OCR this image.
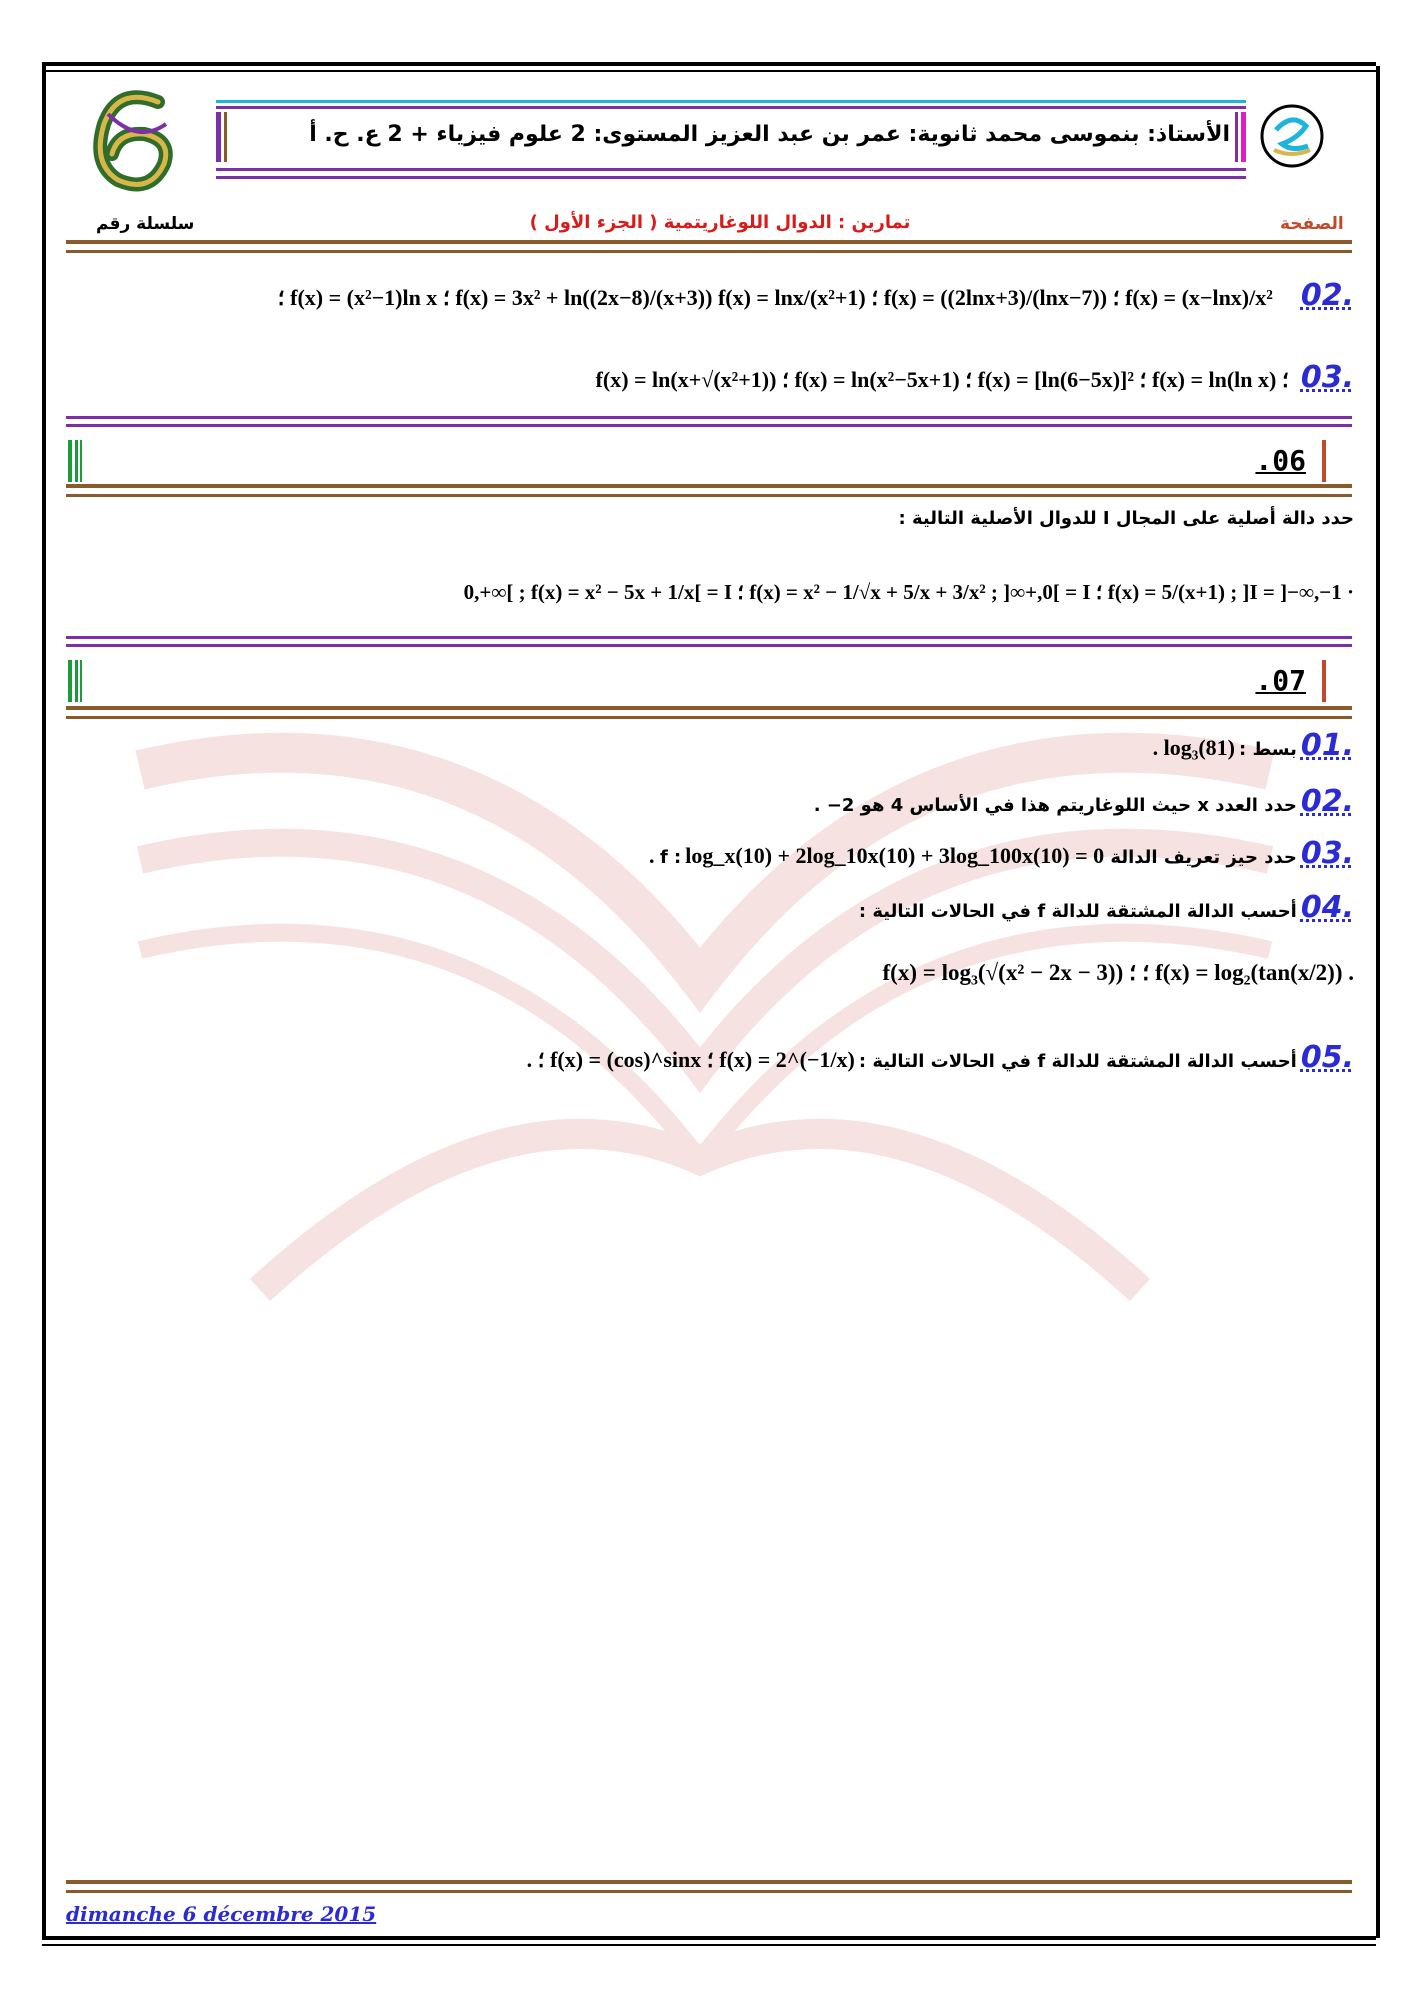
الأستاذ: بنموسى محمد ثانوية: عمر بن عبد العزيز المستوى: 2 علوم فيزياء + 2 ع. ح. أ
سلسلة رقم	تمارين : الدوال اللوغاريتمية ( الجزء الأول )	الصفحة
.02 f(x) = (x−lnx)/x² ؛ f(x) = ((2lnx+3)/(lnx−7)) ؛ f(x) = 3x² + ln((2x−8)/(x+3)) f(x) = lnx/(x²+1) ؛ f(x) = (x²−1)ln x ؛
.03 ؛ f(x) = ln(ln x) ؛ f(x) = [ln(6−5x)]² ؛ f(x) = ln(x²−5x+1) ؛ f(x) = ln(x+√(x²+1))
.06
حدد دالة أصلية على المجال I للدوال الأصلية التالية :
· I = ]−∞,−1[ ; f(x) = 5/(x+1) ؛ I = ]0,+∞[ ; f(x) = x² − 1/√x + 5/x + 3/x² ؛ I = ]0,+∞[ ; f(x) = x² − 5x + 1/x
.07
.01 بسط : log₃(81) .
.02 حدد العدد x حيث اللوغاريتم هذا في الأساس 4 هو 2− .
.03 حدد حيز تعريف الدالة f : log_x(10) + 2log_10x(10) + 3log_100x(10) = 0 .
.04 أحسب الدالة المشتقة للدالة f في الحالات التالية :
. f(x) = log₂(tan(x/2)) ؛ ؛ f(x) = log₃(√(x² − 2x − 3))
.05 أحسب الدالة المشتقة للدالة f في الحالات التالية : f(x) = 2^(−1/x) ؛ f(x) = (cos)^sinx ؛ .
dimanche 6 décembre 2015
